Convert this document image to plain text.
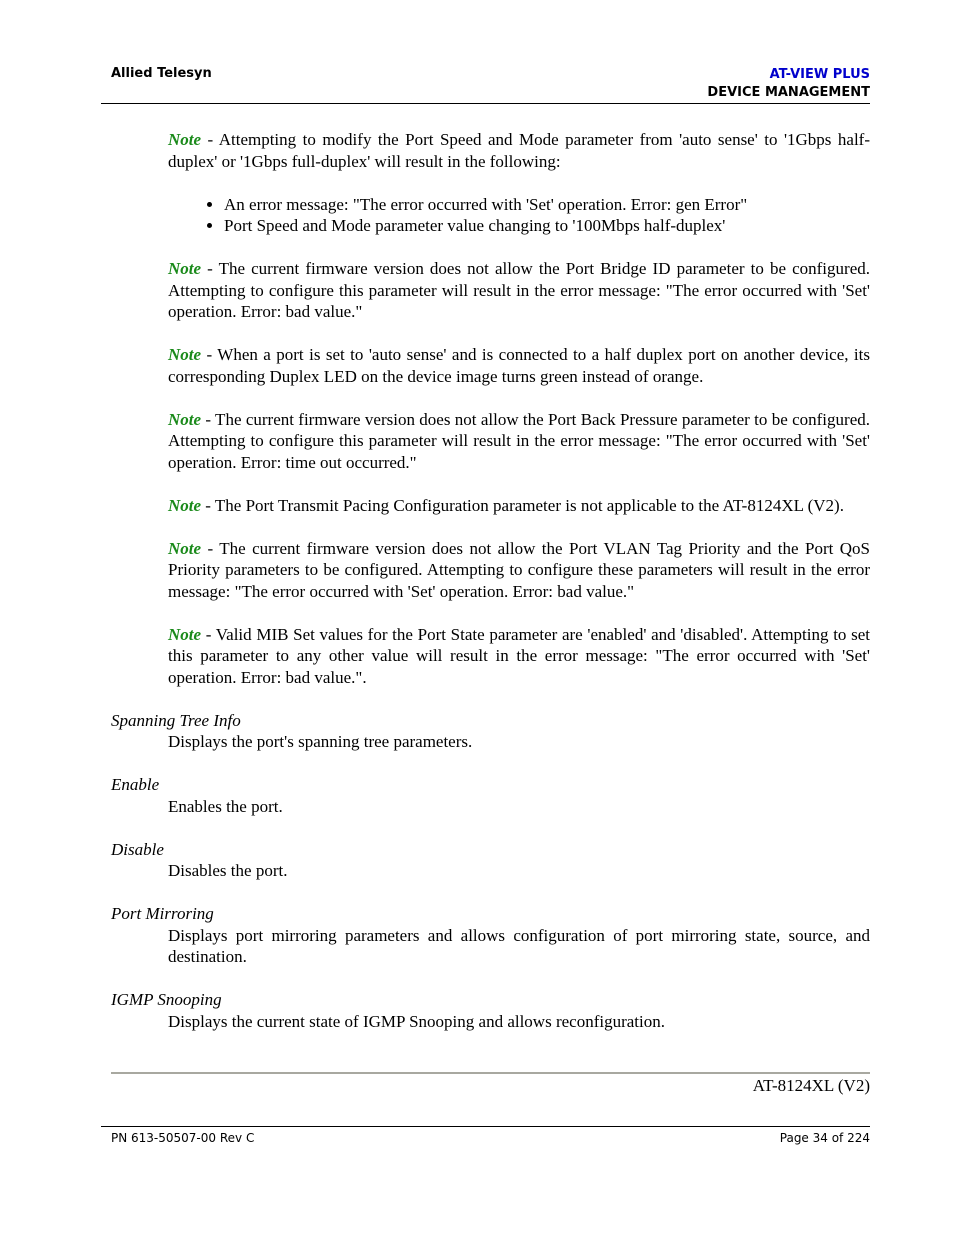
Allied Telesyn	AT-VIEW PLUS
DEVICE MANAGEMENT

Note - Attempting to modify the Port Speed and Mode parameter from 'auto sense' to '1Gbps half-duplex' or '1Gbps full-duplex' will result in the following:

• An error message: "The error occurred with 'Set' operation. Error: gen Error"
• Port Speed and Mode parameter value changing to '100Mbps half-duplex'

Note - The current firmware version does not allow the Port Bridge ID parameter to be configured. Attempting to configure this parameter will result in the error message: "The error occurred with 'Set' operation. Error: bad value."

Note - When a port is set to 'auto sense' and is connected to a half duplex port on another device, its corresponding Duplex LED on the device image turns green instead of orange.

Note - The current firmware version does not allow the Port Back Pressure parameter to be configured. Attempting to configure this parameter will result in the error message: "The error occurred with 'Set' operation. Error: time out occurred."

Note - The Port Transmit Pacing Configuration parameter is not applicable to the AT-8124XL (V2).

Note - The current firmware version does not allow the Port VLAN Tag Priority and the Port QoS Priority parameters to be configured. Attempting to configure these parameters will result in the error message: "The error occurred with 'Set' operation. Error: bad value."

Note - Valid MIB Set values for the Port State parameter are 'enabled' and 'disabled'. Attempting to set this parameter to any other value will result in the error message: "The error occurred with 'Set' operation. Error: bad value.".

Spanning Tree Info

Displays the port's spanning tree parameters.

Enable

Enables the port.

Disable

Disables the port.

Port Mirroring

Displays port mirroring parameters and allows configuration of port mirroring state, source, and destination.

IGMP Snooping

Displays the current state of IGMP Snooping and allows reconfiguration.

AT-8124XL (V2)
PN 613-50507-00 Rev C	Page 34 of 224
